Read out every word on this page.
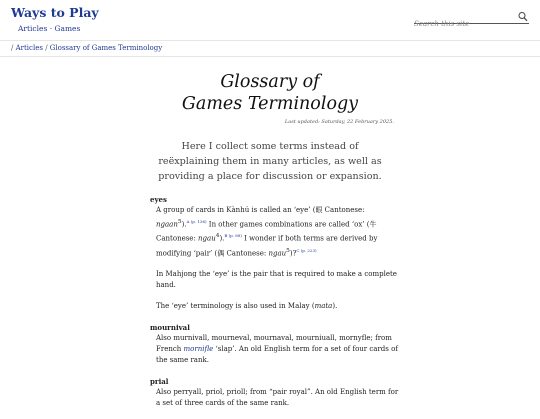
Ways to Play
Articles · Games
Search this site
/ Articles / Glossary of Games Terminology
Glossary of
Games Terminology
Last updated: Saturday, 22 February 2025.
Here I collect some terms instead of reëxplaining them in many articles, as well as providing a place for discussion or expansion.
eyes

A group of cards in Kànhú is called an ‘eye’ (眼 Cantonese: ngaan$^5$).$^{A (p. 136)}$ In other games combinations are called ‘ox’ (牛 Cantonese: ngau$^4$).$^{B (p. 88)}$ I wonder if both terms are derived by modifying ‘pair’ (偶 Cantonese: ngau$^5$)?$^{C (p. 223)}$

In Mahjong the ‘eye’ is the pair that is required to make a complete hand.

The ‘eye’ terminology is also used in Malay (mata).

mournival

Also murnivall, mourneval, mournaval, mourniuall, mornyfle; from French mornifle ‘slap’. An old English term for a set of four cards of the same rank.

prial

Also perryall, priol, prioll; from “pair royal”. An old English term for a set of three cards of the same rank.
